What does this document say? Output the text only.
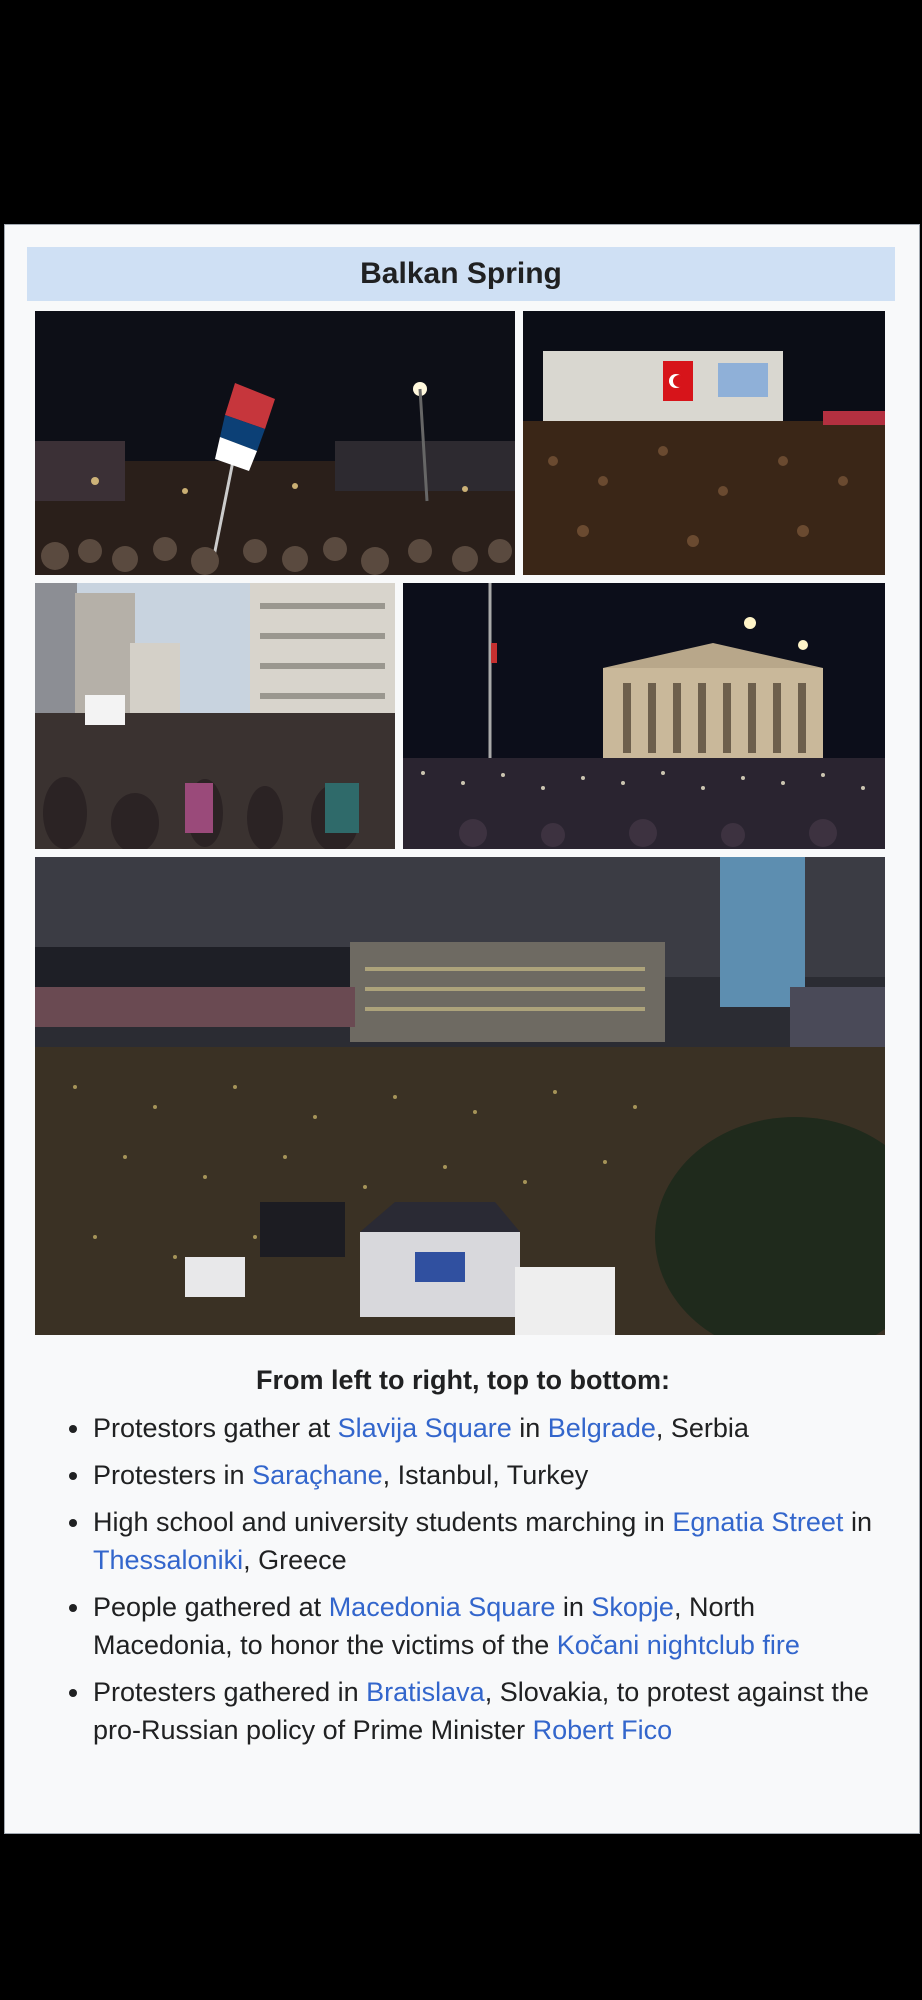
Balkan Spring
From left to right, top to bottom:
Protestors gather at Slavija Square in Belgrade, Serbia
Protesters in Saraçhane, Istanbul, Turkey
High school and university students marching in Egnatia Street in Thessaloniki, Greece
People gathered at Macedonia Square in Skopje, North Macedonia, to honor the victims of the Kočani nightclub fire
Protesters gathered in Bratislava, Slovakia, to protest against the pro-Russian policy of Prime Minister Robert Fico
